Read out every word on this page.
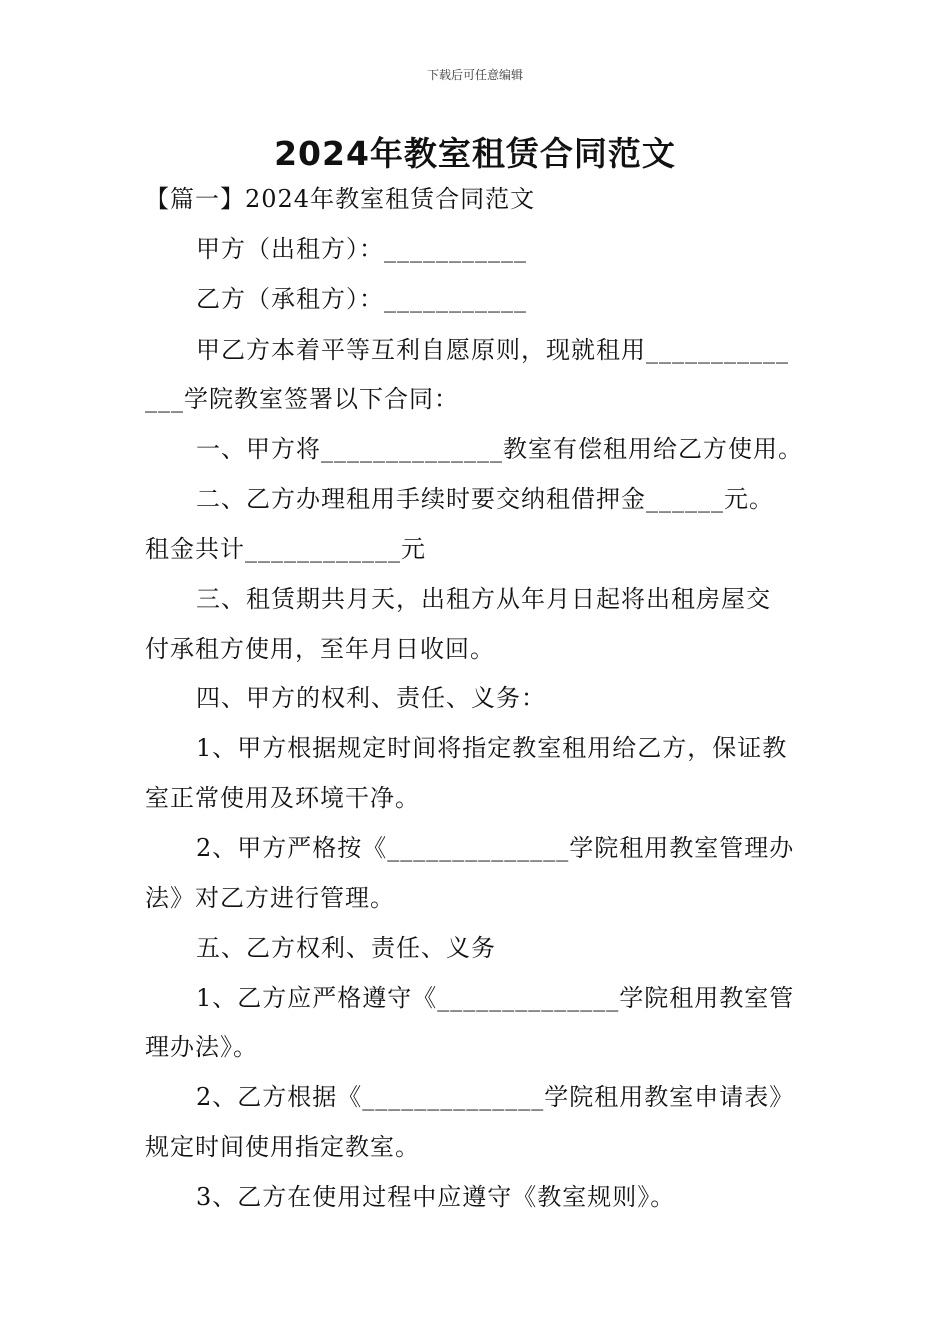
下载后可任意编辑
2024年教室租赁合同范文
【篇一】2024年教室租赁合同范文
甲方（出租方）：___________
乙方（承租方）：___________
甲乙方本着平等互利自愿原则，现就租用___________
___学院教室签署以下合同：
一、甲方将______________教室有偿租用给乙方使用。
二、乙方办理租用手续时要交纳租借押金______元。
租金共计____________元
三、租赁期共月天，出租方从年月日起将出租房屋交
付承租方使用，至年月日收回。
四、甲方的权利、责任、义务：
1、甲方根据规定时间将指定教室租用给乙方，保证教
室正常使用及环境干净。
2、甲方严格按《______________学院租用教室管理办
法》对乙方进行管理。
五、乙方权利、责任、义务
1、乙方应严格遵守《______________学院租用教室管
理办法》。
2、乙方根据《______________学院租用教室申请表》
规定时间使用指定教室。
3、乙方在使用过程中应遵守《教室规则》。
